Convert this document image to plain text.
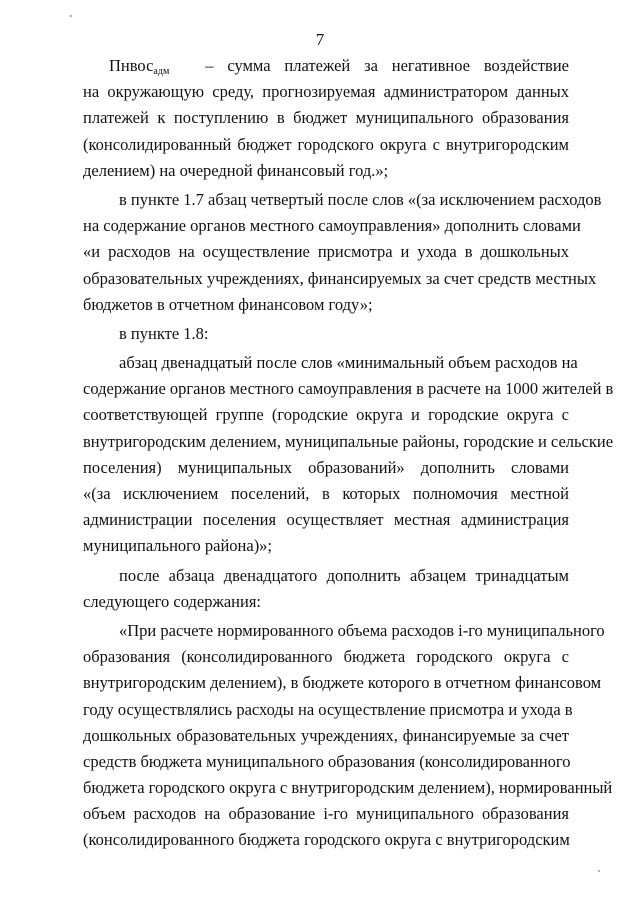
7
Пнвос$_{адм}$	– сумма платежей за негативное воздействие
на окружающую среду, прогнозируемая администратором данных
платежей к поступлению в бюджет муниципального образования
(консолидированный бюджет городского округа с внутригородским
делением) на очередной финансовый год.»;
в пункте 1.7 абзац четвертый после слов «(за исключением расходов
на содержание органов местного самоуправления» дополнить словами
«и расходов на осуществление присмотра и ухода в дошкольных
образовательных учреждениях, финансируемых за счет средств местных
бюджетов в отчетном финансовом году»;
в пункте 1.8:
абзац двенадцатый после слов «минимальный объем расходов на
содержание органов местного самоуправления в расчете на 1000 жителей в
соответствующей группе (городские округа и городские округа с
внутригородским делением, муниципальные районы, городские и сельские
поселения) муниципальных образований» дополнить словами
«(за исключением поселений, в которых полномочия местной
администрации поселения осуществляет местная администрация
муниципального района)»;
после абзаца двенадцатого дополнить абзацем тринадцатым
следующего содержания:
«При расчете нормированного объема расходов i-го муниципального
образования (консолидированного бюджета городского округа с
внутригородским делением), в бюджете которого в отчетном финансовом
году осуществлялись расходы на осуществление присмотра и ухода в
дошкольных образовательных учреждениях, финансируемые за счет
средств бюджета муниципального образования (консолидированного
бюджета городского округа с внутригородским делением), нормированный
объем расходов на образование i-го муниципального образования
(консолидированного бюджета городского округа с внутригородским
